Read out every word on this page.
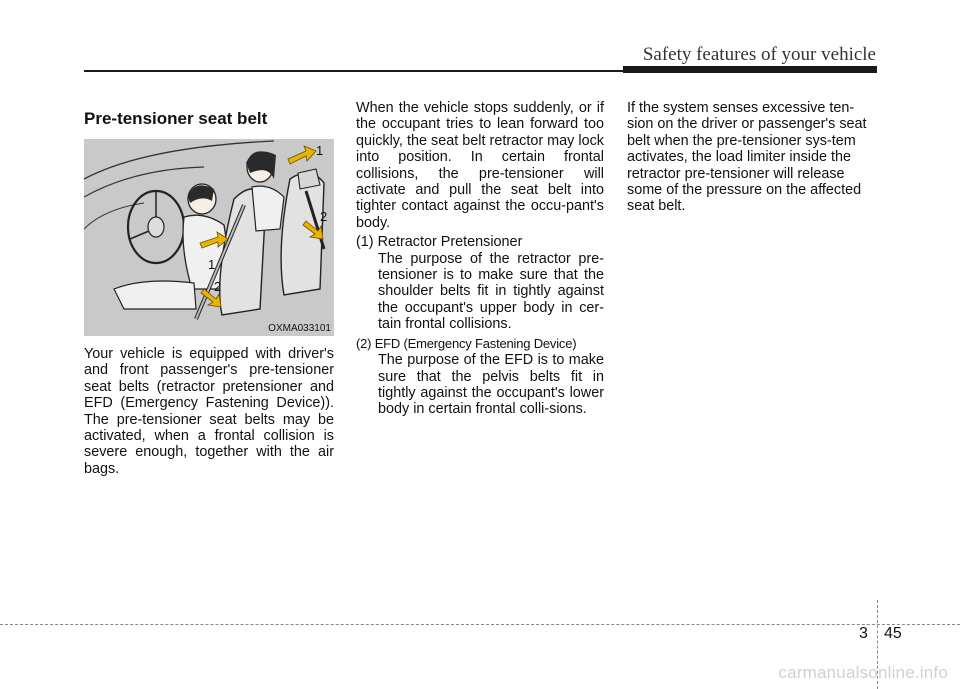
Safety features of your vehicle
Pre-tensioner seat belt
1
2
1
2
OXMA033101

Your vehicle is equipped with driver's and front passenger's pre-tensioner seat belts (retractor pretensioner and EFD (Emergency Fastening Device)). The pre-tensioner seat belts may be activated, when a frontal collision is severe enough, together with the air bags.

When the vehicle stops suddenly, or if the occupant tries to lean forward too quickly, the seat belt retractor may lock into position. In certain frontal collisions, the pre-tensioner will activate and pull the seat belt into tighter contact against the occu-pant's body.

(1) Retractor Pretensioner

The purpose of the retractor pre-tensioner is to make sure that the shoulder belts fit in tightly against the occupant's upper body in cer-tain frontal collisions.

(2) EFD (Emergency Fastening Device)

The purpose of the EFD is to make sure that the pelvis belts fit in tightly against the occupant's lower body in certain frontal colli-sions.

If the system senses excessive ten-sion on the driver or passenger's seat belt when the pre-tensioner sys-tem activates, the load limiter inside the retractor pre-tensioner will release some of the pressure on the affected seat belt.

3 45
carmanualsonline.info
